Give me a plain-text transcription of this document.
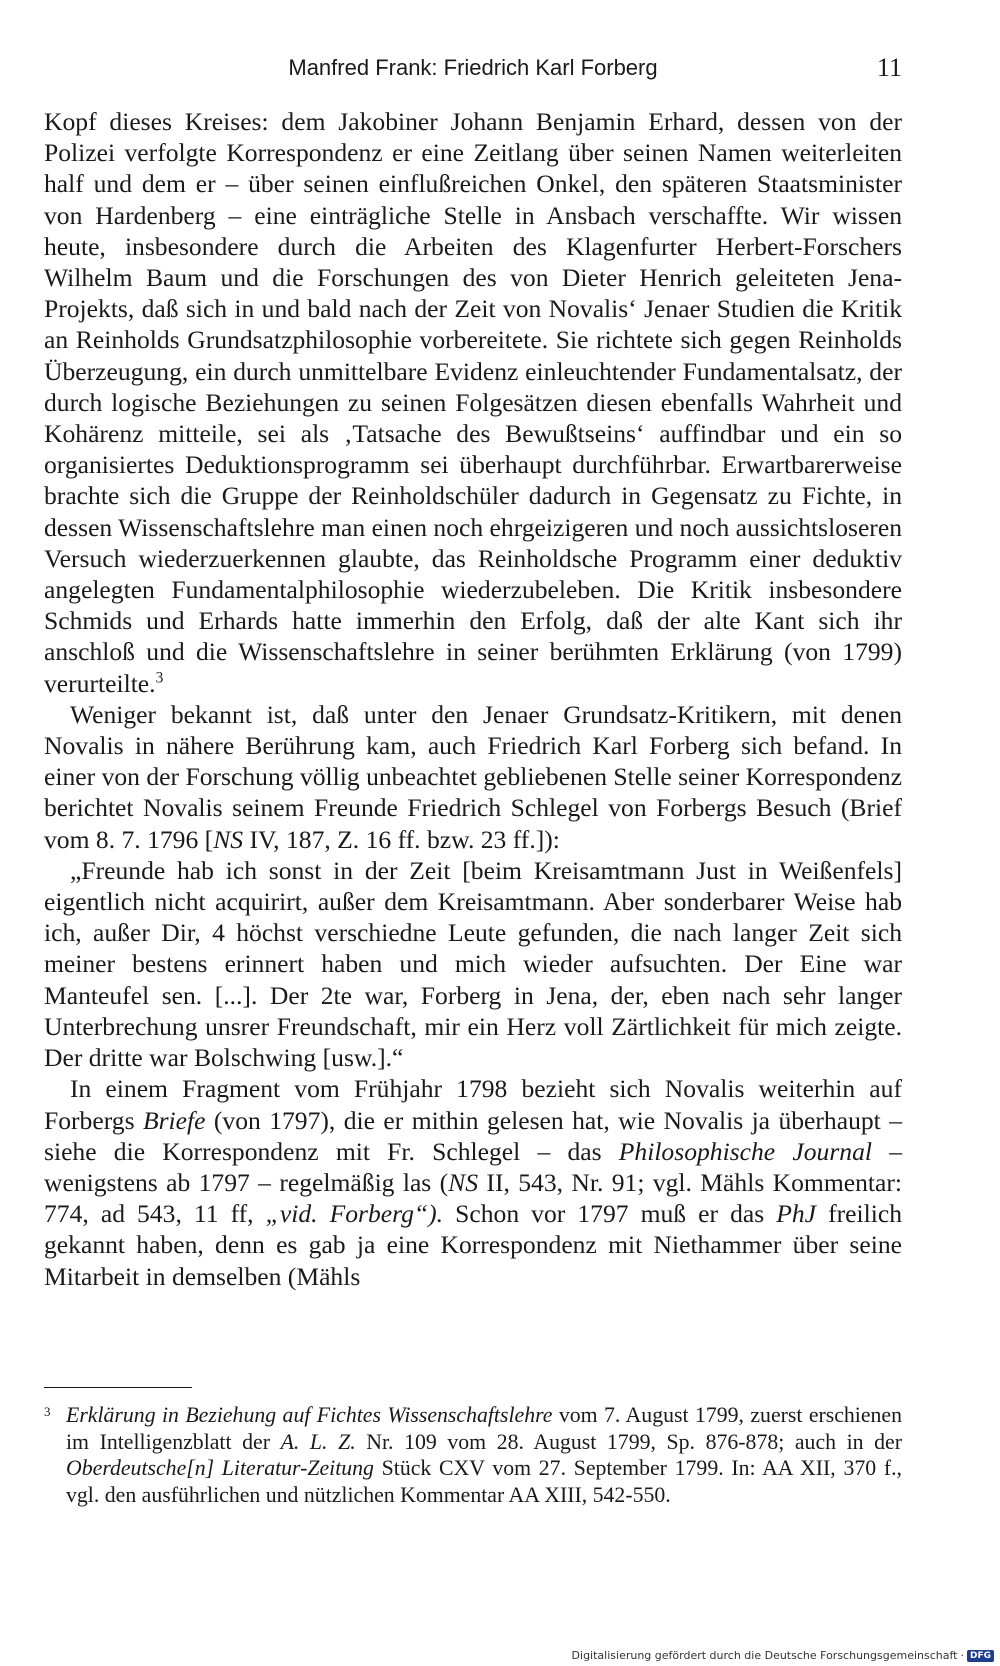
Manfred Frank: Friedrich Karl Forberg	11

Kopf dieses Kreises: dem Jakobiner Johann Benjamin Erhard, dessen von der Polizei verfolgte Korrespondenz er eine Zeitlang über seinen Namen weiterleiten half und dem er – über seinen einflußreichen Onkel, den späteren Staatsminister von Hardenberg – eine einträgliche Stelle in Ansbach verschaffte. Wir wissen heute, insbesondere durch die Arbeiten des Klagenfurter Herbert-Forschers Wilhelm Baum und die Forschungen des von Dieter Henrich geleiteten Jena-Projekts, daß sich in und bald nach der Zeit von Novalis‘ Jenaer Studien die Kritik an Reinholds Grundsatzphilosophie vorbereitete. Sie richtete sich gegen Reinholds Überzeugung, ein durch unmittelbare Evidenz einleuchtender Fundamentalsatz, der durch logische Beziehungen zu seinen Folgesätzen diesen ebenfalls Wahrheit und Kohärenz mitteile, sei als ‚Tatsache des Bewußtseins‘ auffindbar und ein so organisiertes Deduktionsprogramm sei überhaupt durchführbar. Erwartbarerweise brachte sich die Gruppe der Reinholdschüler dadurch in Gegensatz zu Fichte, in dessen Wissenschaftslehre man einen noch ehrgeizigeren und noch aussichtsloseren Versuch wiederzuerkennen glaubte, das Reinholdsche Programm einer deduktiv angelegten Fundamentalphilosophie wiederzubeleben. Die Kritik insbesondere Schmids und Erhards hatte immerhin den Erfolg, daß der alte Kant sich ihr anschloß und die Wissenschaftslehre in seiner berühmten Erklärung (von 1799) verurteilte.$^3$

Weniger bekannt ist, daß unter den Jenaer Grundsatz-Kritikern, mit denen Novalis in nähere Berührung kam, auch Friedrich Karl Forberg sich befand. In einer von der Forschung völlig unbeachtet gebliebenen Stelle seiner Korrespondenz berichtet Novalis seinem Freunde Friedrich Schlegel von Forbergs Besuch (Brief vom 8. 7. 1796 [NS IV, 187, Z. 16 ff. bzw. 23 ff.]):

„Freunde hab ich sonst in der Zeit [beim Kreisamtmann Just in Weißenfels] eigentlich nicht acquirirt, außer dem Kreisamtmann. Aber sonderbarer Weise hab ich, außer Dir, 4 höchst verschiedne Leute gefunden, die nach langer Zeit sich meiner bestens erinnert haben und mich wieder aufsuchten. Der Eine war Manteufel sen. [...]. Der 2te war, Forberg in Jena, der, eben nach sehr langer Unterbrechung unsrer Freundschaft, mir ein Herz voll Zärtlichkeit für mich zeigte. Der dritte war Bolschwing [usw.].“

In einem Fragment vom Frühjahr 1798 bezieht sich Novalis weiterhin auf Forbergs Briefe (von 1797), die er mithin gelesen hat, wie Novalis ja überhaupt – siehe die Korrespondenz mit Fr. Schlegel – das Philosophische Journal – wenigstens ab 1797 – regelmäßig las (NS II, 543, Nr. 91; vgl. Mähls Kommentar: 774, ad 543, 11 ff, „vid. Forberg“). Schon vor 1797 muß er das PhJ freilich gekannt haben, denn es gab ja eine Korrespondenz mit Niethammer über seine Mitarbeit in demselben (Mähls

3 Erklärung in Beziehung auf Fichtes Wissenschaftslehre vom 7. August 1799, zuerst erschienen im Intelligenzblatt der A. L. Z. Nr. 109 vom 28. August 1799, Sp. 876-878; auch in der Oberdeutsche[n] Literatur-Zeitung Stück CXV vom 27. September 1799. In: AA XII, 370 f., vgl. den ausführlichen und nützlichen Kommentar AA XIII, 542-550.
Digitalisierung gefördert durch die Deutsche Forschungsgemeinschaft · DFG
